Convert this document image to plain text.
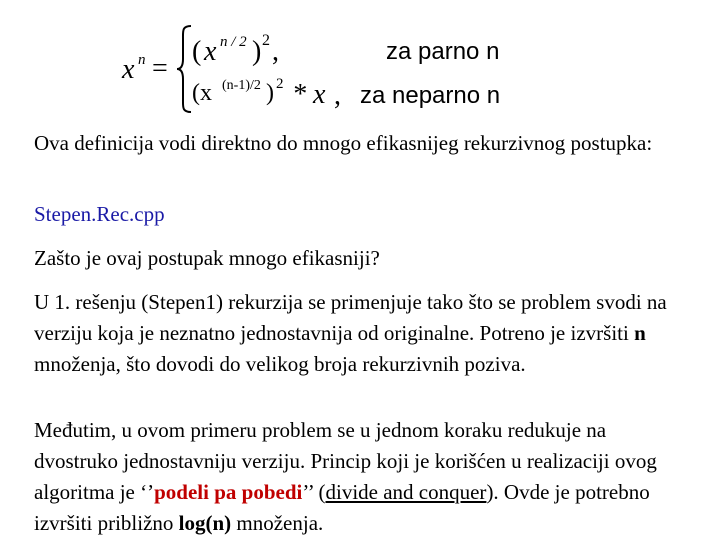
x n =
( x n / 2 ) 2 ,	za parno n
(x (n-1)/2 ) 2 * x , za neparno n

Ova definicija vodi direktno do mnogo efikasnijeg rekurzivnog postupka:

Stepen.Rec.cpp

Zašto je ovaj postupak mnogo efikasniji?

U 1. rešenju (Stepen1) rekurzija se primenjuje tako što se problem svodi na verziju koja je neznatno jednostavnija od originalne. Potreno je izvršiti n množenja, što dovodi do velikog broja rekurzivnih poziva.

Međutim, u ovom primeru problem se u jednom koraku redukuje na dvostruko jednostavniju verziju. Princip koji je korišćen u realizaciji ovog algoritma je ‘’podeli pa pobedi’’ (divide and conquer). Ovde je potrebno izvršiti približno log(n) množenja.
